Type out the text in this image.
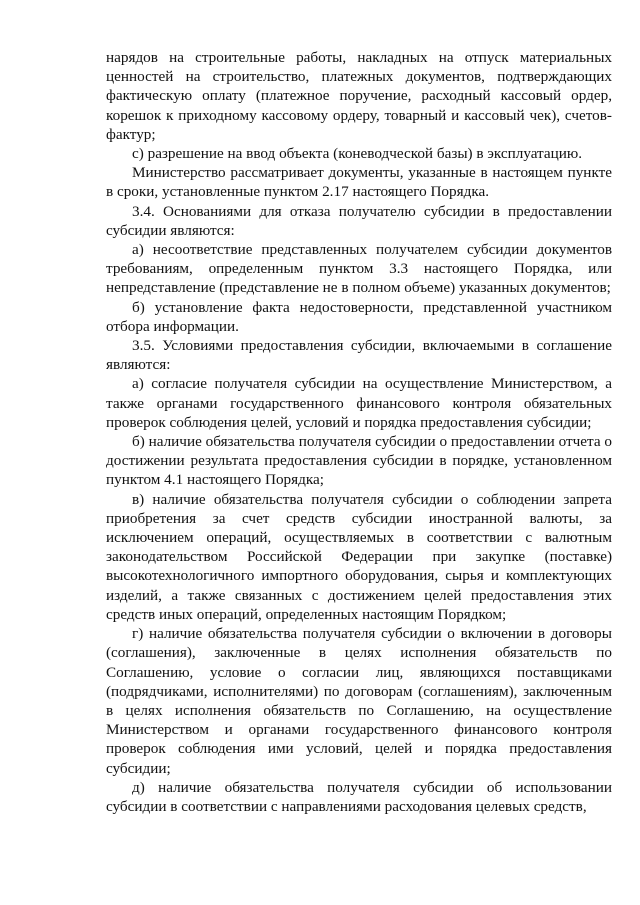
нарядов на строительные работы, накладных на отпуск материальных ценностей на строительство, платежных документов, подтверждающих фактическую оплату (платежное поручение, расходный кассовый ордер, корешок к приходному кассовому ордеру, товарный и кассовый чек), счетов-фактур;

с) разрешение на ввод объекта (коневодческой базы) в эксплуатацию.

Министерство рассматривает документы, указанные в настоящем пункте в сроки, установленные пунктом 2.17 настоящего Порядка.

3.4. Основаниями для отказа получателю субсидии в предоставлении субсидии являются:

а) несоответствие представленных получателем субсидии документов требованиям, определенным пунктом 3.3 настоящего Порядка, или непредставление (представление не в полном объеме) указанных документов;

б) установление факта недостоверности, представленной участником отбора информации.

3.5. Условиями предоставления субсидии, включаемыми в соглашение являются:

а) согласие получателя субсидии на осуществление Министерством, а также органами государственного финансового контроля обязательных проверок соблюдения целей, условий и порядка предоставления субсидии;

б) наличие обязательства получателя субсидии о предоставлении отчета о достижении результата предоставления субсидии в порядке, установленном пунктом 4.1 настоящего Порядка;

в) наличие обязательства получателя субсидии о соблюдении запрета приобретения за счет средств субсидии иностранной валюты, за исключением операций, осуществляемых в соответствии с валютным законодательством Российской Федерации при закупке (поставке) высокотехнологичного импортного оборудования, сырья и комплектующих изделий, а также связанных с достижением целей предоставления этих средств иных операций, определенных настоящим Порядком;

г) наличие обязательства получателя субсидии о включении в договоры (соглашения), заключенные в целях исполнения обязательств по Соглашению, условие о согласии лиц, являющихся поставщиками (подрядчиками, исполнителями) по договорам (соглашениям), заключенным в целях исполнения обязательств по Соглашению, на осуществление Министерством и органами государственного финансового контроля проверок соблюдения ими условий, целей и порядка предоставления субсидии;

д) наличие обязательства получателя субсидии об использовании субсидии в соответствии с направлениями расходования целевых средств,
